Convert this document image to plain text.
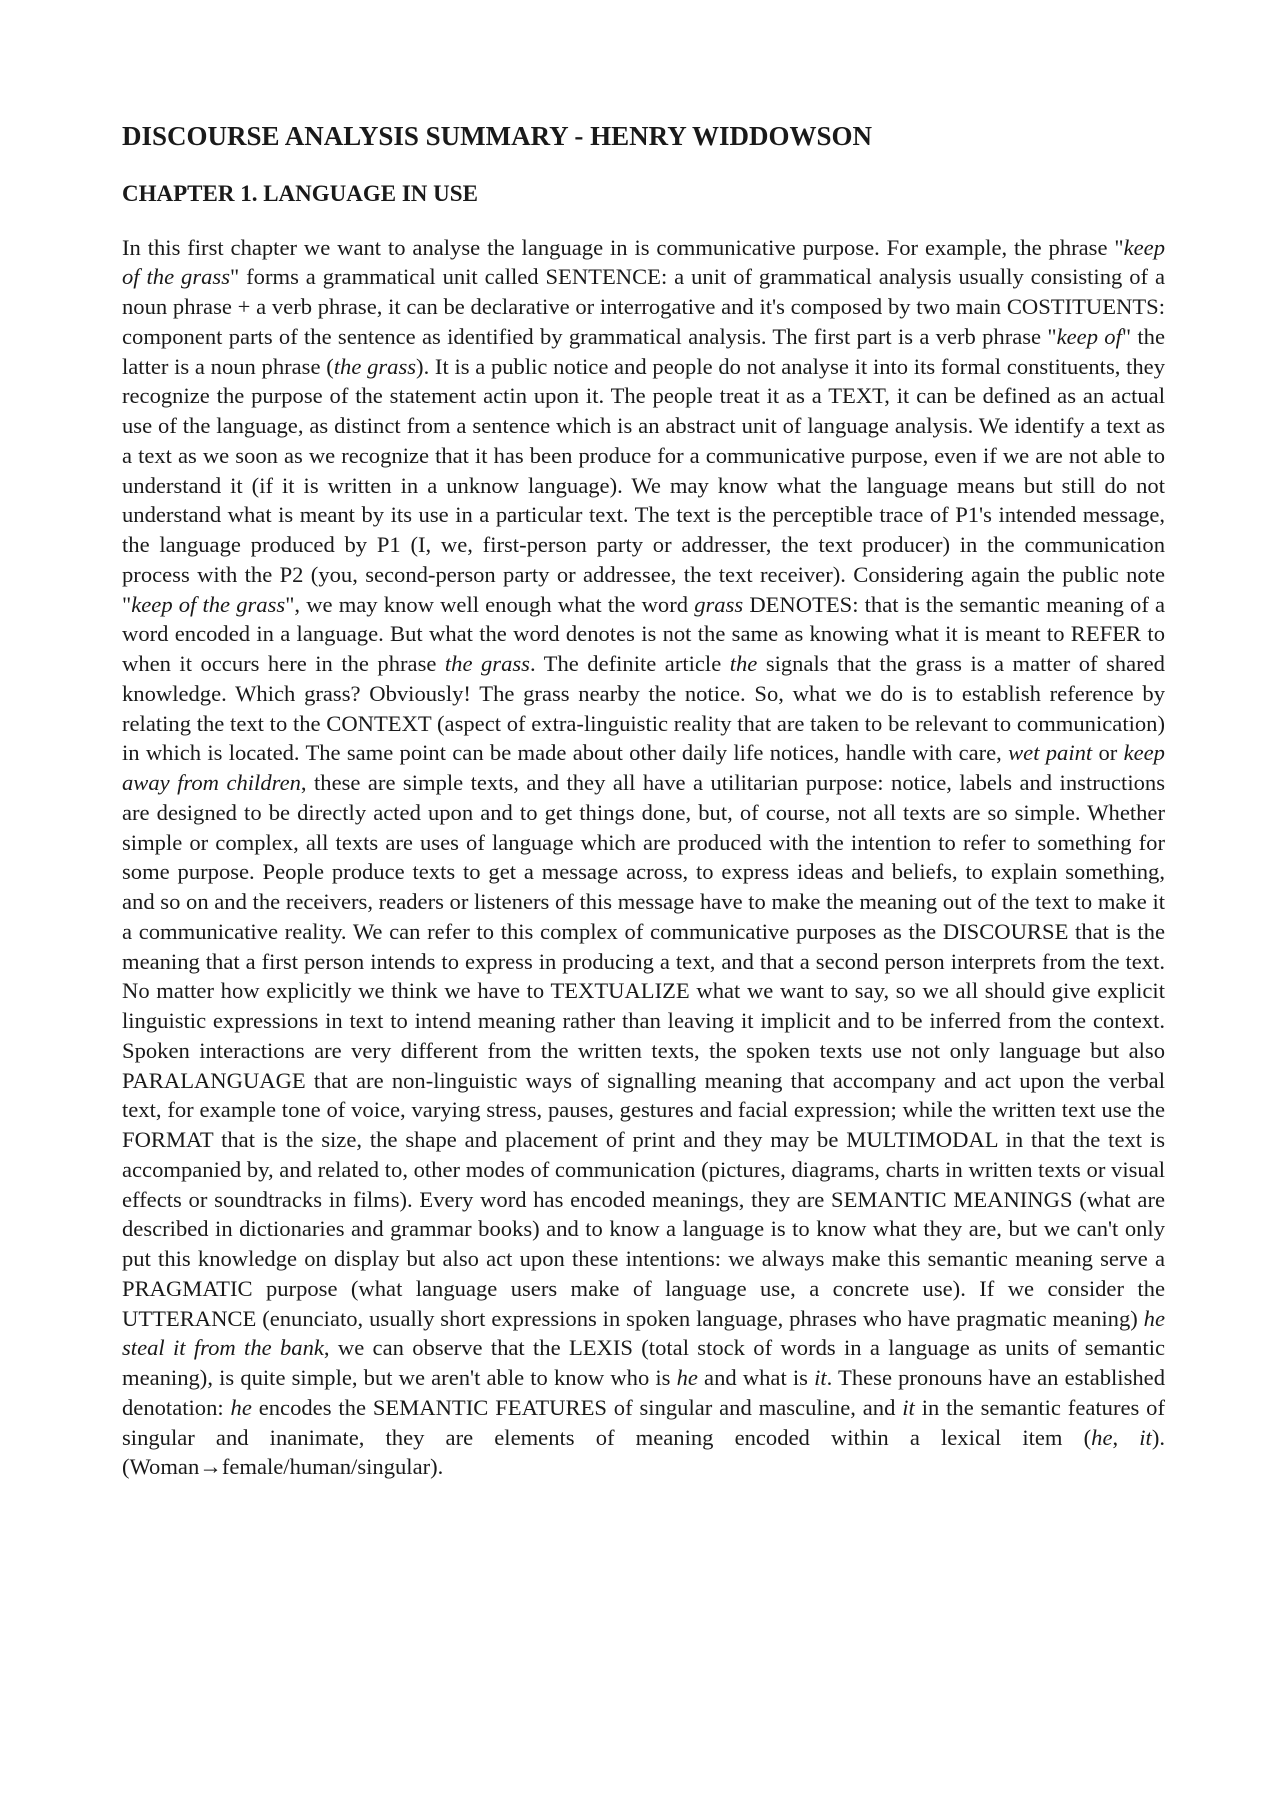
DISCOURSE ANALYSIS SUMMARY - HENRY WIDDOWSON
CHAPTER 1. LANGUAGE IN USE

In this first chapter we want to analyse the language in is communicative purpose. For example, the phrase "keep of the grass" forms a grammatical unit called SENTENCE: a unit of grammatical analysis usually consisting of a noun phrase + a verb phrase, it can be declarative or interrogative and it's composed by two main COSTITUENTS: component parts of the sentence as identified by grammatical analysis. The first part is a verb phrase "keep of" the latter is a noun phrase (the grass). It is a public notice and people do not analyse it into its formal constituents, they recognize the purpose of the statement actin upon it. The people treat it as a TEXT, it can be defined as an actual use of the language, as distinct from a sentence which is an abstract unit of language analysis. We identify a text as a text as we soon as we recognize that it has been produce for a communicative purpose, even if we are not able to understand it (if it is written in a unknow language). We may know what the language means but still do not understand what is meant by its use in a particular text. The text is the perceptible trace of P1's intended message, the language produced by P1 (I, we, first-person party or addresser, the text producer) in the communication process with the P2 (you, second-person party or addressee, the text receiver). Considering again the public note "keep of the grass", we may know well enough what the word grass DENOTES: that is the semantic meaning of a word encoded in a language. But what the word denotes is not the same as knowing what it is meant to REFER to when it occurs here in the phrase the grass. The definite article the signals that the grass is a matter of shared knowledge. Which grass? Obviously! The grass nearby the notice. So, what we do is to establish reference by relating the text to the CONTEXT (aspect of extra-linguistic reality that are taken to be relevant to communication) in which is located. The same point can be made about other daily life notices, handle with care, wet paint or keep away from children, these are simple texts, and they all have a utilitarian purpose: notice, labels and instructions are designed to be directly acted upon and to get things done, but, of course, not all texts are so simple. Whether simple or complex, all texts are uses of language which are produced with the intention to refer to something for some purpose. People produce texts to get a message across, to express ideas and beliefs, to explain something, and so on and the receivers, readers or listeners of this message have to make the meaning out of the text to make it a communicative reality. We can refer to this complex of communicative purposes as the DISCOURSE that is the meaning that a first person intends to express in producing a text, and that a second person interprets from the text. No matter how explicitly we think we have to TEXTUALIZE what we want to say, so we all should give explicit linguistic expressions in text to intend meaning rather than leaving it implicit and to be inferred from the context. Spoken interactions are very different from the written texts, the spoken texts use not only language but also PARALANGUAGE that are non-linguistic ways of signalling meaning that accompany and act upon the verbal text, for example tone of voice, varying stress, pauses, gestures and facial expression; while the written text use the FORMAT that is the size, the shape and placement of print and they may be MULTIMODAL in that the text is accompanied by, and related to, other modes of communication (pictures, diagrams, charts in written texts or visual effects or soundtracks in films). Every word has encoded meanings, they are SEMANTIC MEANINGS (what are described in dictionaries and grammar books) and to know a language is to know what they are, but we can't only put this knowledge on display but also act upon these intentions: we always make this semantic meaning serve a PRAGMATIC purpose (what language users make of language use, a concrete use). If we consider the UTTERANCE (enunciato, usually short expressions in spoken language, phrases who have pragmatic meaning) he steal it from the bank, we can observe that the LEXIS (total stock of words in a language as units of semantic meaning), is quite simple, but we aren't able to know who is he and what is it. These pronouns have an established denotation: he encodes the SEMANTIC FEATURES of singular and masculine, and it in the semantic features of singular and inanimate, they are elements of meaning encoded within a lexical item (he, it). (Woman→female/human/singular).
